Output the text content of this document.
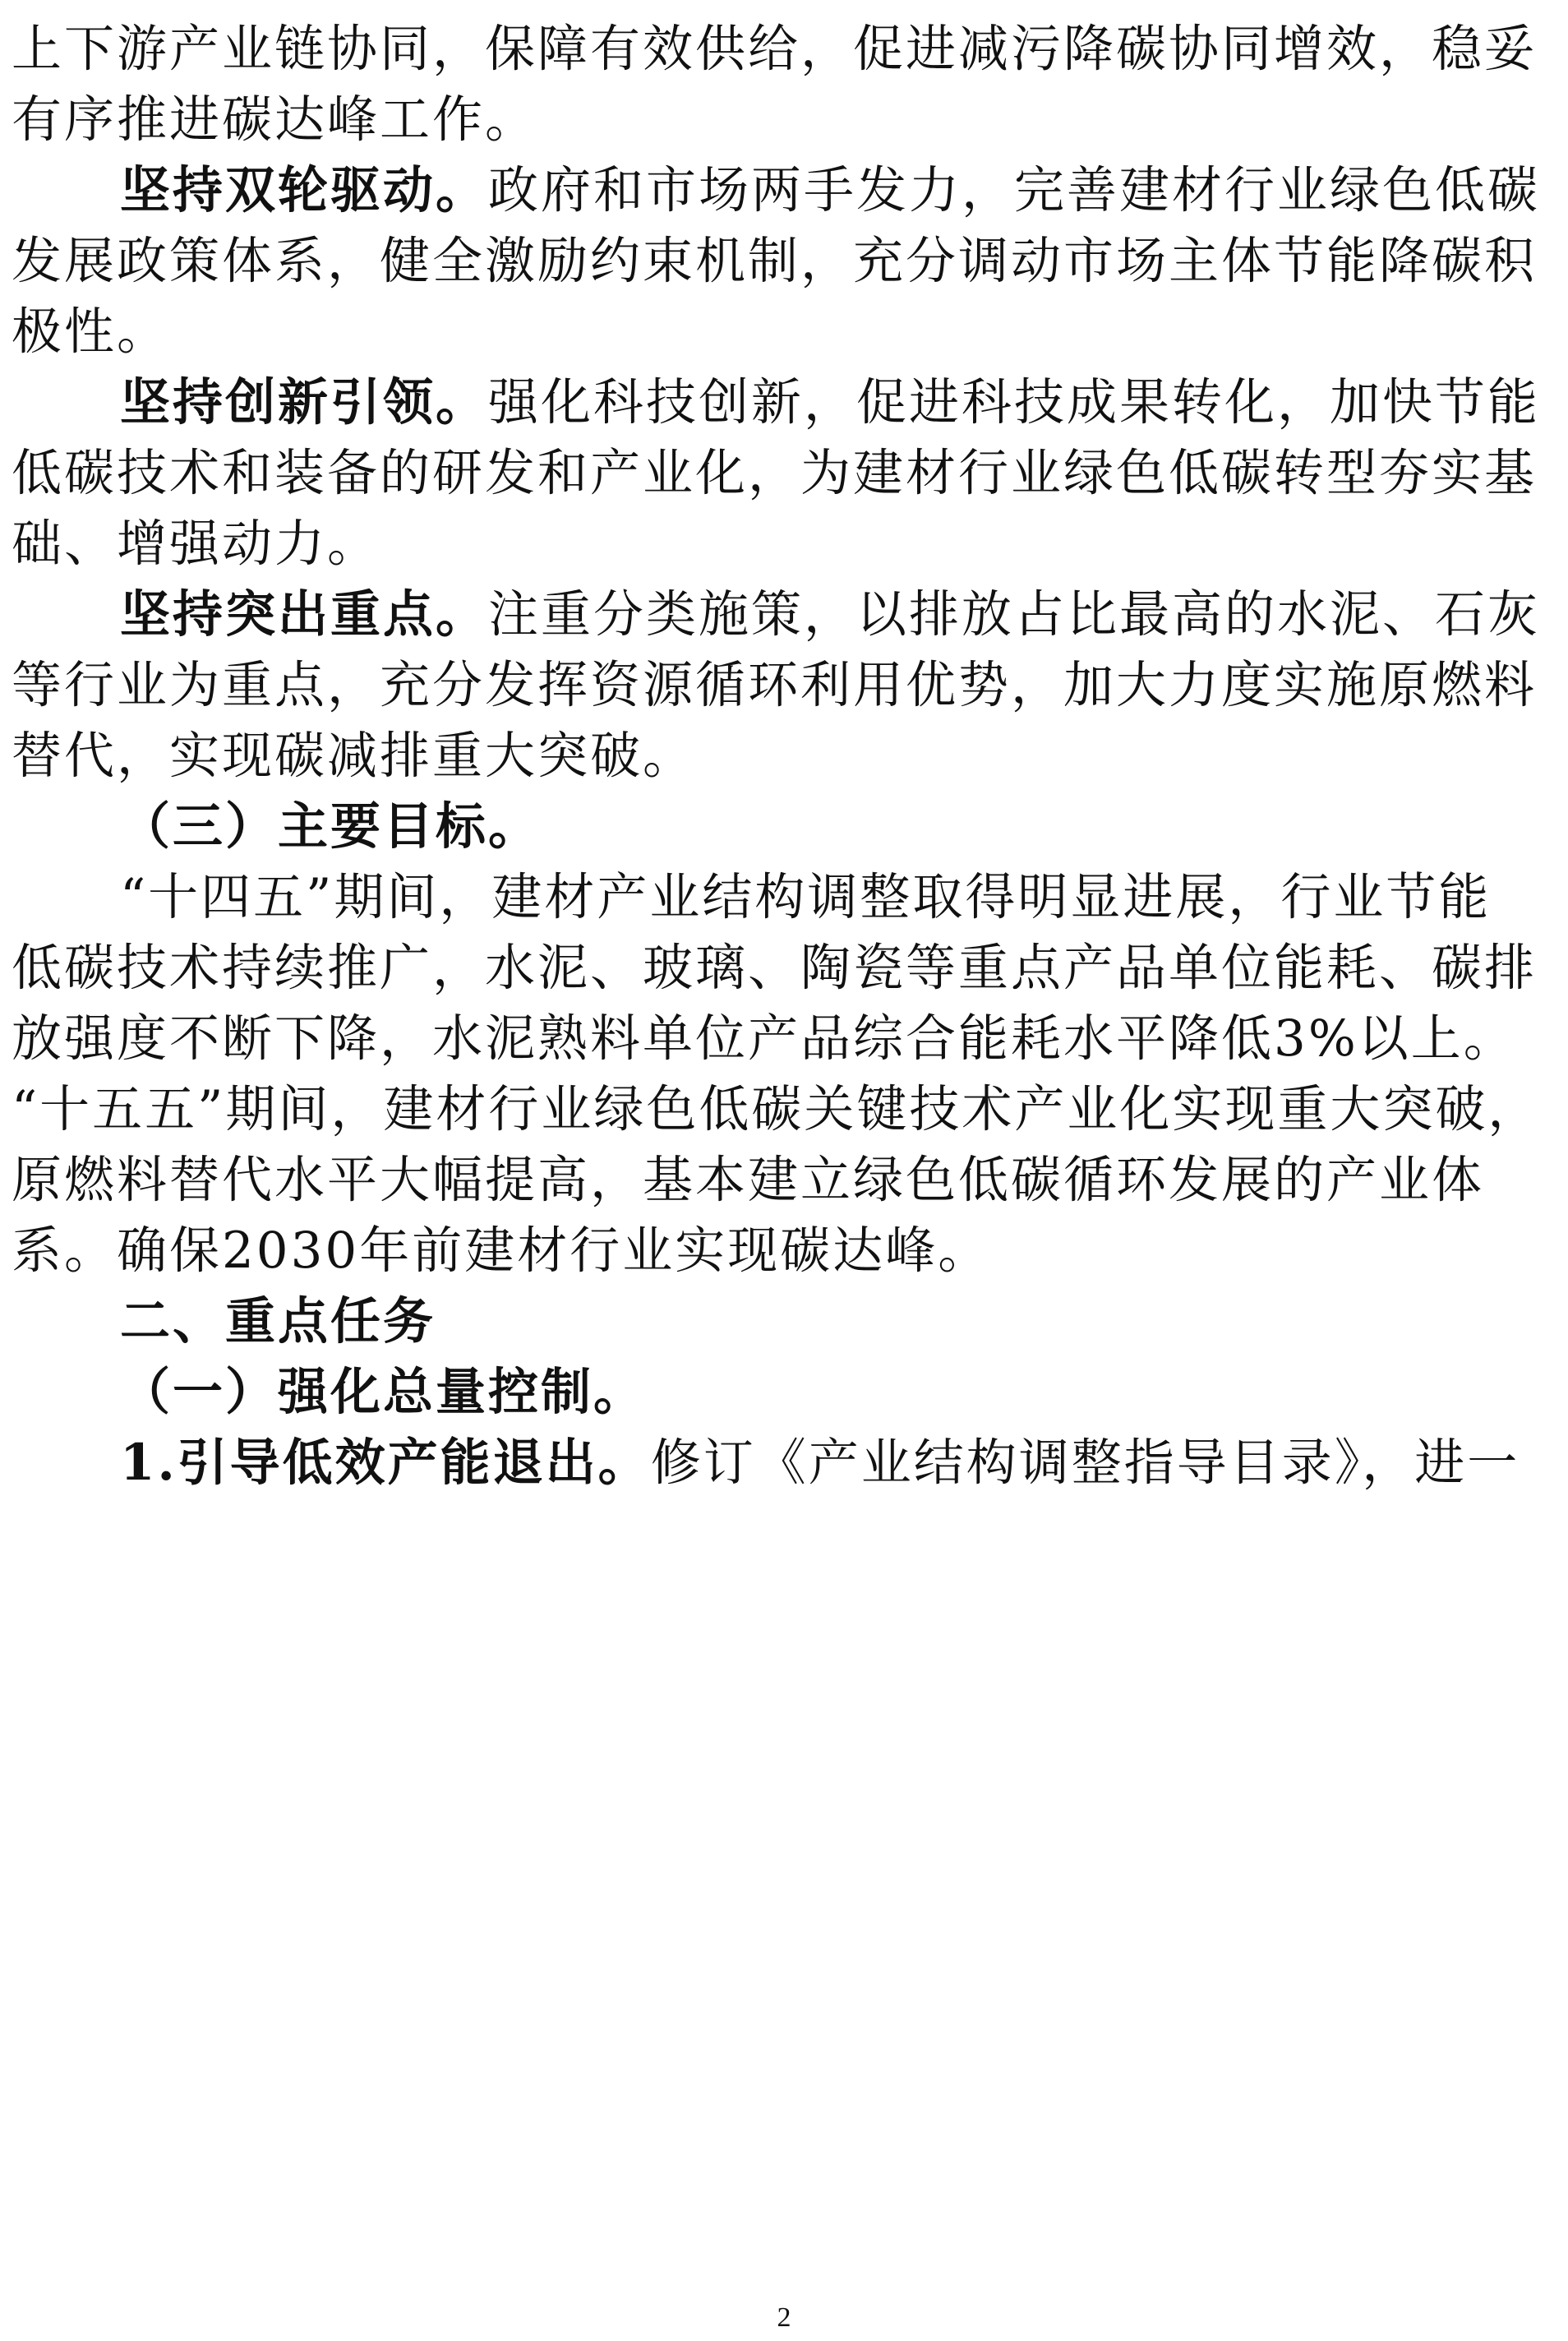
上下游产业链协同，保障有效供给，促进减污降碳协同增效，稳妥
有序推进碳达峰工作。
坚持双轮驱动。政府和市场两手发力，完善建材行业绿色低碳
发展政策体系，健全激励约束机制，充分调动市场主体节能降碳积
极性。
坚持创新引领。强化科技创新，促进科技成果转化，加快节能
低碳技术和装备的研发和产业化，为建材行业绿色低碳转型夯实基
础、增强动力。
坚持突出重点。注重分类施策，以排放占比最高的水泥、石灰
等行业为重点，充分发挥资源循环利用优势，加大力度实施原燃料
替代，实现碳减排重大突破。
（三）主要目标。
“十四五”期间，建材产业结构调整取得明显进展，行业节能
低碳技术持续推广，水泥、玻璃、陶瓷等重点产品单位能耗、碳排
放强度不断下降，水泥熟料单位产品综合能耗水平降低3%以上。
“十五五”期间，建材行业绿色低碳关键技术产业化实现重大突破，
原燃料替代水平大幅提高，基本建立绿色低碳循环发展的产业体
系。确保2030年前建材行业实现碳达峰。
二、重点任务
（一）强化总量控制。
1.引导低效产能退出。修订《产业结构调整指导目录》，进一
2
